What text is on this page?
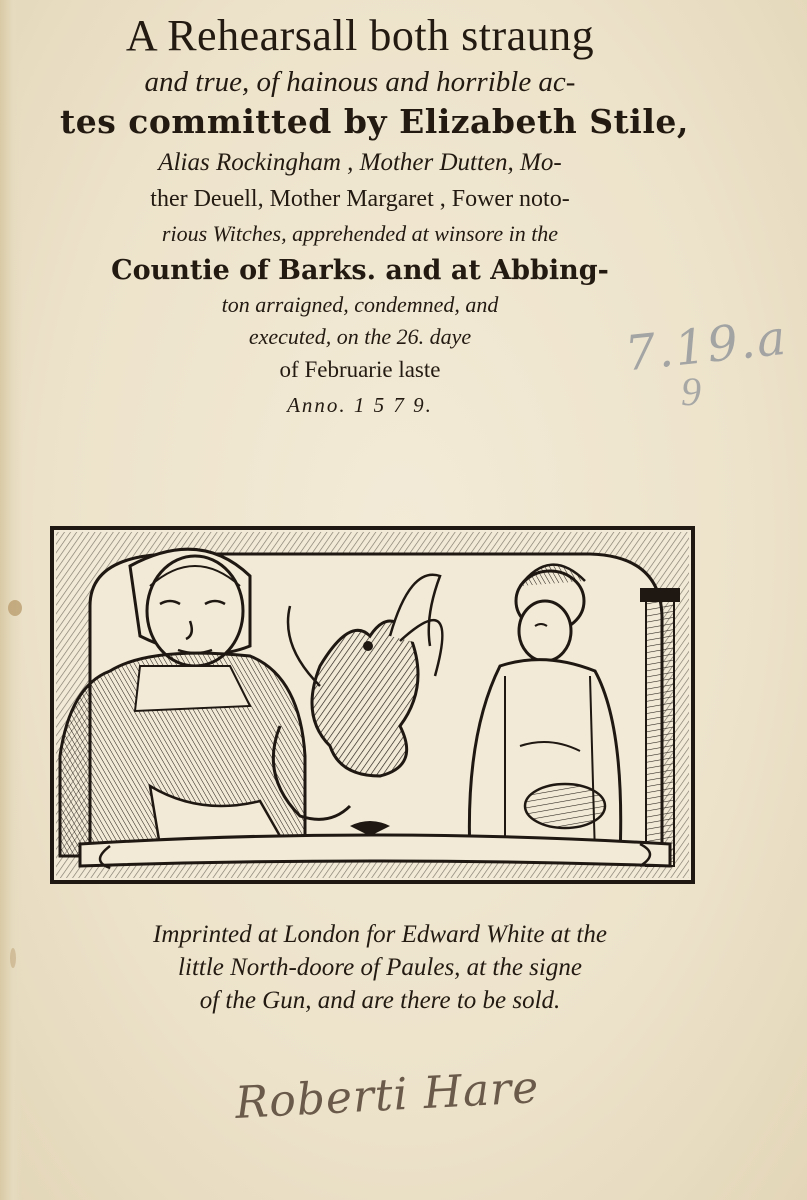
A Rehearsall both straung
and true, of hainous and horrible ac-
tes committed by Elizabeth Stile,
Alias Rockingham , Mother Dutten, Mo-
ther Deuell, Mother Margaret , Fower noto-
rious Witches, apprehended at winsore in the
Countie of Barks. and at Abbing-
ton arraigned, condemned, and
executed, on the 26. daye
of Februarie laste
Anno. 1 5 7 9.
7.19.a
9
Imprinted at London for Edward White at the
little North-doore of Paules, at the signe
of the Gun, and are there to be sold.
Roberti Hare
